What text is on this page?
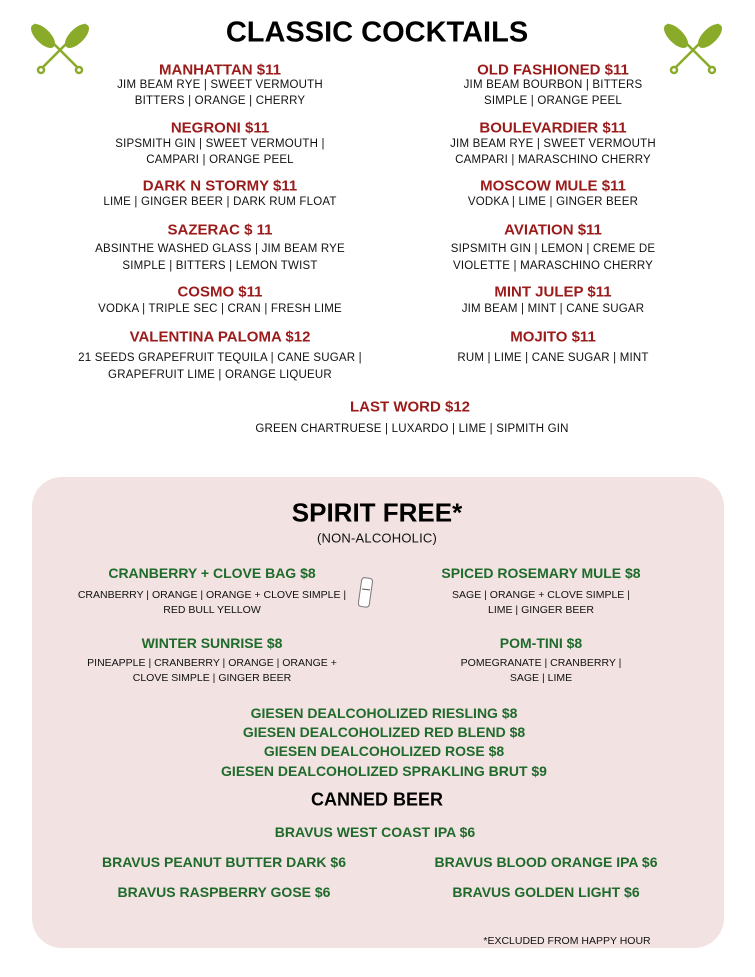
CLASSIC COCKTAILS
MANHATTAN $11
JIM BEAM RYE | SWEET VERMOUTH
BITTERS | ORANGE | CHERRY
NEGRONI $11
SIPSMITH GIN | SWEET VERMOUTH |
CAMPARI | ORANGE PEEL
DARK N STORMY $11
LIME | GINGER BEER | DARK RUM FLOAT
SAZERAC $ 11
ABSINTHE WASHED GLASS | JIM BEAM RYE
SIMPLE | BITTERS | LEMON TWIST
COSMO $11
VODKA | TRIPLE SEC | CRAN | FRESH LIME
VALENTINA PALOMA $12
21 SEEDS GRAPEFRUIT TEQUILA | CANE SUGAR |
GRAPEFRUIT LIME | ORANGE LIQUEUR
OLD FASHIONED $11
JIM BEAM BOURBON | BITTERS
SIMPLE | ORANGE PEEL
BOULEVARDIER $11
JIM BEAM RYE | SWEET VERMOUTH
CAMPARI | MARASCHINO CHERRY
MOSCOW MULE $11
VODKA | LIME | GINGER BEER
AVIATION $11
SIPSMITH GIN | LEMON | CREME DE
VIOLETTE | MARASCHINO CHERRY
MINT JULEP $11
JIM BEAM | MINT | CANE SUGAR
MOJITO $11
RUM | LIME | CANE SUGAR | MINT
LAST WORD $12
GREEN CHARTRUESE | LUXARDO | LIME | SIPMITH GIN
SPIRIT FREE*
(NON-ALCOHOLIC)
CRANBERRY + CLOVE BAG $8
CRANBERRY | ORANGE | ORANGE + CLOVE SIMPLE |
RED BULL YELLOW
SPICED ROSEMARY MULE $8
SAGE | ORANGE + CLOVE SIMPLE |
LIME | GINGER BEER
WINTER SUNRISE $8
PINEAPPLE | CRANBERRY | ORANGE | ORANGE +
CLOVE SIMPLE | GINGER BEER
POM-TINI $8
POMEGRANATE | CRANBERRY |
SAGE | LIME
GIESEN DEALCOHOLIZED RIESLING $8
GIESEN DEALCOHOLIZED RED BLEND $8
GIESEN DEALCOHOLIZED ROSE $8
GIESEN DEALCOHOLIZED SPRAKLING BRUT $9
CANNED BEER
BRAVUS WEST COAST IPA $6
BRAVUS PEANUT BUTTER DARK $6	BRAVUS BLOOD ORANGE IPA $6
BRAVUS RASPBERRY GOSE $6	BRAVUS GOLDEN LIGHT $6
*EXCLUDED FROM HAPPY HOUR
